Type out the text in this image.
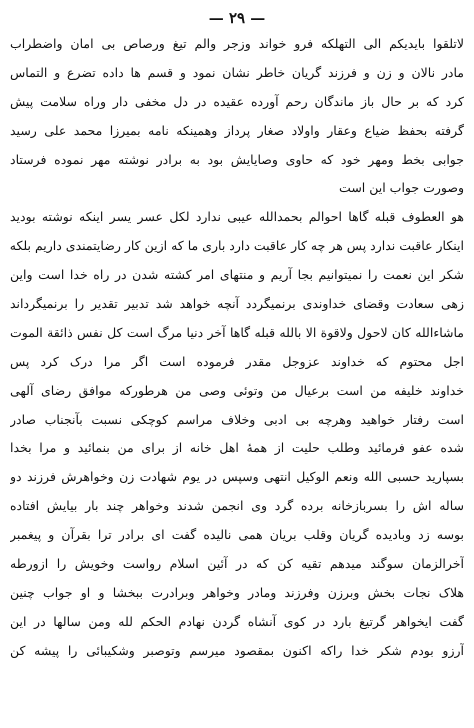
— ۲۹ —
لاتلقوا بایدیکم الی التهلکه فرو خواند وزجر والم تیغ ورصاص بی امان واضطراب
مادر نالان و زن و فرزند گریان خاطر نشان نمود و قسم ها داده تضرع و التماس
کرد که بر حال باز ماندگان رحم آورده عقیده در دل مخفی دار وراه سلامت پیش
گرفته بحفظ ضیاع وعقار واولاد صغار پرداز وهمینکه نامه بمیرزا محمد علی رسید
جوابی بخط ومهر خود که حاوی وصایایش بود به برادر نوشته مهر نموده فرستاد
وصورت جواب این است
هو العطوف قبله گاها احوالم بحمدالله عیبی ندارد لکل عسر یسر اینکه نوشته بودید
اینکار عاقبت ندارد پس هر چه کار عاقبت دارد باری ما که ازین کار رضایتمندی داریم بلکه
شکر این نعمت را نمیتوانیم بجا آریم و منتهای امر کشته شدن در راه خدا است واین
زهی سعادت وقضای خداوندی برنمیگردد آنچه خواهد شد تدبیر تقدیر را برنمیگرداند
ماشاءالله کان لاحول ولاقوة الا بالله قبله گاها آخر دنیا مرگ است کل نفس ذائقة الموت
اجل محتوم که خداوند عزوجل مقدر فرموده است اگر مرا درک کرد پس
خداوند خلیفه من است برعیال من وتوئی وصی من هرطورکه موافق رضای آلهی
است رفتار خواهید وهرچه بی ادبی وخلاف مراسم کوچکی نسبت بآنجناب صادر
شده عفو فرمائید وطلب حلیت از همهٔ اهل خانه از برای من بنمائید و مرا بخدا
بسپارید حسبی الله ونعم الوکیل انتهی وسپس در یوم شهادت زن وخواهرش فرزند دو
ساله اش را بسربازخانه برده گرد وی انجمن شدند وخواهر چند بار بیایش افتاده
بوسه زد وبادیده گریان وقلب بریان همی نالیده گفت ای برادر ترا بقرآن و پیغمبر
آخرالزمان سوگند میدهم تقیه کن که در آئین اسلام رواست وخویش را ازورطه
هلاک نجات بخش وبرزن وفرزند ومادر وخواهر وبرادرت ببخشا و او جواب چنین
گفت ایخواهر گرتیغ بارد در کوی آنشاه گردن نهادم الحکم لله ومن سالها در این
آرزو بودم شکر خدا راکه اکنون بمقصود میرسم وتوصبر وشکیبائی را پیشه کن
